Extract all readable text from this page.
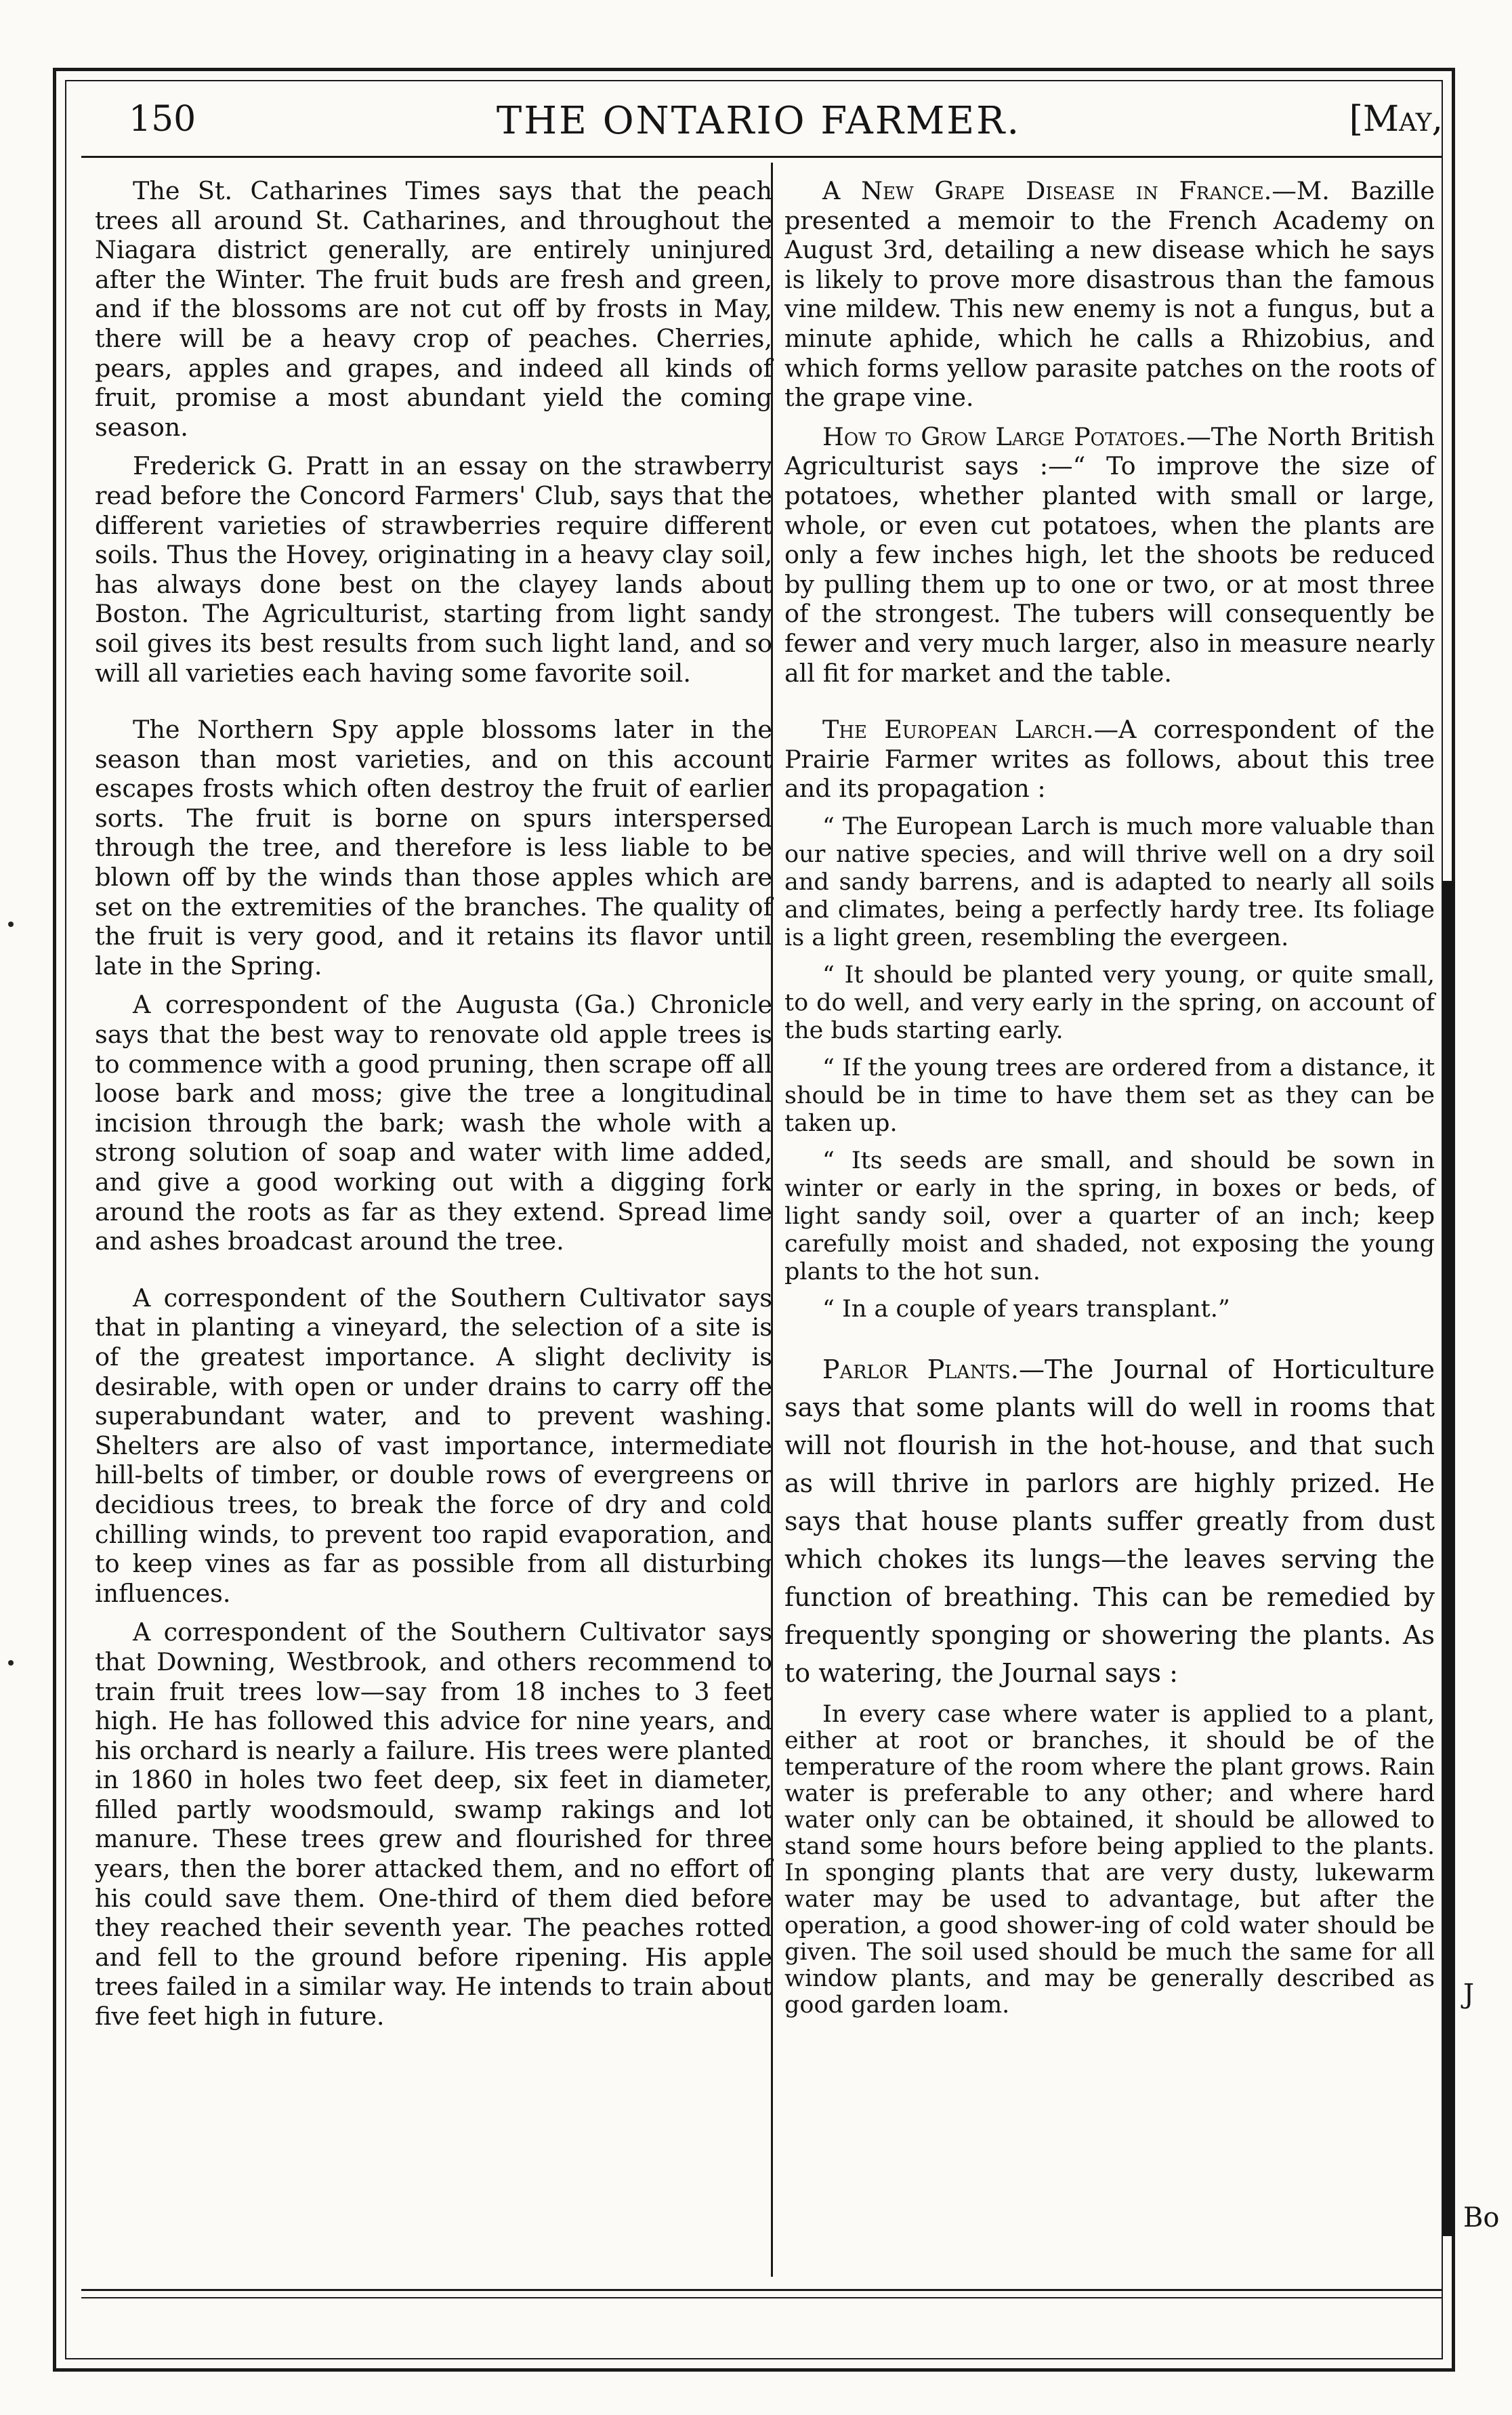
150	THE ONTARIO FARMER.	[May,

The St. Catharines Times says that the peach trees all around St. Catharines, and throughout the Niagara district generally, are entirely uninjured after the Winter. The fruit buds are fresh and green, and if the blossoms are not cut off by frosts in May, there will be a heavy crop of peaches. Cherries, pears, apples and grapes, and indeed all kinds of fruit, promise a most abundant yield the coming season.

Frederick G. Pratt in an essay on the strawberry read before the Concord Farmers' Club, says that the different varieties of strawberries require different soils. Thus the Hovey, originating in a heavy clay soil, has always done best on the clayey lands about Boston. The Agriculturist, starting from light sandy soil gives its best results from such light land, and so will all varieties each having some favorite soil.

The Northern Spy apple blossoms later in the season than most varieties, and on this account escapes frosts which often destroy the fruit of earlier sorts. The fruit is borne on spurs interspersed through the tree, and therefore is less liable to be blown off by the winds than those apples which are set on the extremities of the branches. The quality of the fruit is very good, and it retains its flavor until late in the Spring.

A correspondent of the Augusta (Ga.) Chronicle says that the best way to renovate old apple trees is to commence with a good pruning, then scrape off all loose bark and moss; give the tree a longitudinal incision through the bark; wash the whole with a strong solution of soap and water with lime added, and give a good working out with a digging fork around the roots as far as they extend. Spread lime and ashes broadcast around the tree.

A correspondent of the Southern Cultivator says that in planting a vineyard, the selection of a site is of the greatest importance. A slight declivity is desirable, with open or under drains to carry off the superabundant water, and to prevent washing. Shelters are also of vast importance, intermediate hill-belts of timber, or double rows of evergreens or decidious trees, to break the force of dry and cold chilling winds, to prevent too rapid evaporation, and to keep vines as far as possible from all disturbing influences.

A correspondent of the Southern Cultivator says that Downing, Westbrook, and others recommend to train fruit trees low—say from 18 inches to 3 feet high. He has followed this advice for nine years, and his orchard is nearly a failure. His trees were planted in 1860 in holes two feet deep, six feet in diameter, filled partly woodsmould, swamp rakings and lot manure. These trees grew and flourished for three years, then the borer attacked them, and no effort of his could save them. One-third of them died before they reached their seventh year. The peaches rotted and fell to the ground before ripening. His apple trees failed in a similar way. He intends to train about five feet high in future.

A New Grape Disease in France.—M. Bazille presented a memoir to the French Academy on August 3rd, detailing a new disease which he says is likely to prove more disastrous than the famous vine mildew. This new enemy is not a fungus, but a minute aphide, which he calls a Rhizobius, and which forms yellow parasite patches on the roots of the grape vine.

How to Grow Large Potatoes.—The North British Agriculturist says :—“ To improve the size of potatoes, whether planted with small or large, whole, or even cut potatoes, when the plants are only a few inches high, let the shoots be reduced by pulling them up to one or two, or at most three of the strongest. The tubers will consequently be fewer and very much larger, also in measure nearly all fit for market and the table.

The European Larch.—A correspondent of the Prairie Farmer writes as follows, about this tree and its propagation :

“ The European Larch is much more valuable than our native species, and will thrive well on a dry soil and sandy barrens, and is adapted to nearly all soils and climates, being a perfectly hardy tree. Its foliage is a light green, resembling the evergeen.

“ It should be planted very young, or quite small, to do well, and very early in the spring, on account of the buds starting early.

“ If the young trees are ordered from a distance, it should be in time to have them set as they can be taken up.

“ Its seeds are small, and should be sown in winter or early in the spring, in boxes or beds, of light sandy soil, over a quarter of an inch; keep carefully moist and shaded, not exposing the young plants to the hot sun.

“ In a couple of years transplant.”

Parlor Plants.—The Journal of Horticulture says that some plants will do well in rooms that will not flourish in the hot-house, and that such as will thrive in parlors are highly prized. He says that house plants suffer greatly from dust which chokes its lungs—the leaves serving the function of breathing. This can be remedied by frequently sponging or showering the plants. As to watering, the Journal says :

In every case where water is applied to a plant, either at root or branches, it should be of the temperature of the room where the plant grows. Rain water is preferable to any other; and where hard water only can be obtained, it should be allowed to stand some hours before being applied to the plants. In sponging plants that are very dusty, lukewarm water may be used to advantage, but after the operation, a good shower-ing of cold water should be given. The soil used should be much the same for all window plants, and may be generally described as good garden loam.	J
Bo
